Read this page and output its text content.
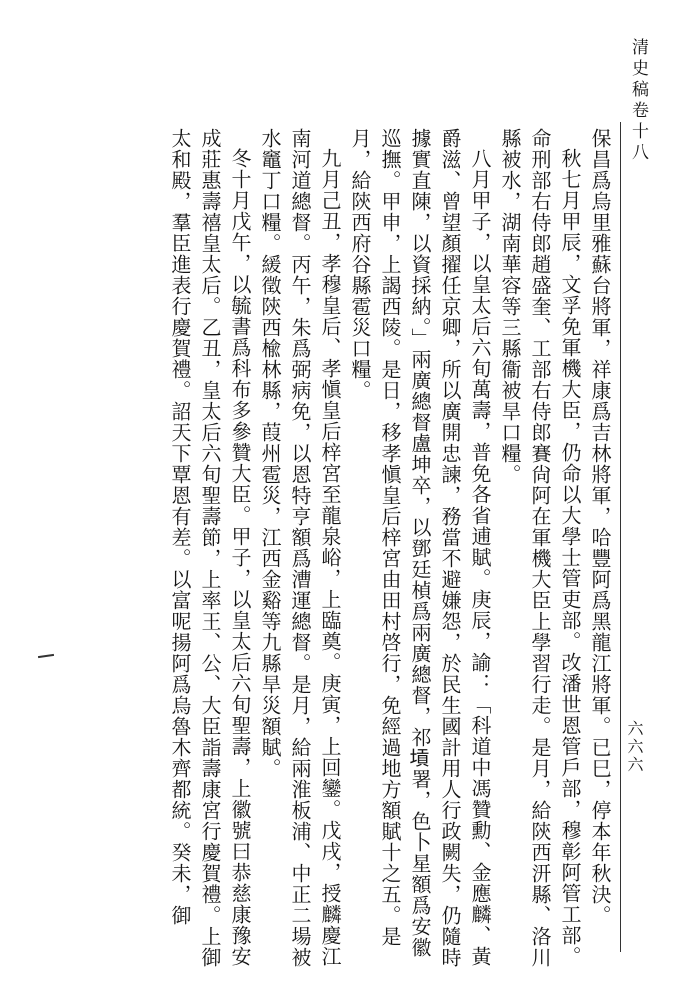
清史稿卷十八
六六六

保昌爲烏里雅蘇台將軍，祥康爲吉林將軍，哈豐阿爲黑龍江將軍。已巳，停本年秋決。

秋七月甲辰，文孚免軍機大臣，仍命以大學士管吏部。改潘世恩管戶部，穆彰阿管工部。命刑部右侍郎趙盛奎、工部右侍郎賽尙阿在軍機大臣上學習行走。是月，給陝西汧縣、洛川縣被水，湖南華容等三縣衞被旱口糧。

八月甲子，以皇太后六旬萬壽，普免各省逋賦。庚辰，諭：「科道中馮贊勳、金應麟、黃爵滋、曾望顏擢任京卿，所以廣開忠諫，務當不避嫌怨，於民生國計用人行政闕失，仍隨時據實直陳，以資採納。」兩廣總督盧坤卒，以鄧廷楨爲兩廣總督，祁𡎴署，色卜星額爲安徽巡撫。甲申，上謁西陵。是日，移孝愼皇后梓宮由田村啓行，免經過地方額賦十之五。是月，給陝西府谷縣雹災口糧。

九月己丑，孝穆皇后、孝愼皇后梓宮至龍泉峪，上臨奠。庚寅，上回鑾。戊戌，授麟慶江南河道總督。丙午，朱爲弼病免，以恩特亨額爲漕運總督。是月，給兩淮板浦、中正二場被水竈丁口糧。緩徵陝西楡林縣，葭州雹災，江西金谿等九縣旱災額賦。

冬十月戊午，以毓書爲科布多參贊大臣。甲子，以皇太后六旬聖壽，上徽號曰恭慈康豫安成莊惠壽禧皇太后。乙丑，皇太后六旬聖壽節，上率王、公、大臣詣壽康宮行慶賀禮。上御太和殿，羣臣進表行慶賀禮。詔天下覃恩有差。以富呢揚阿爲烏魯木齊都統。癸未，御
